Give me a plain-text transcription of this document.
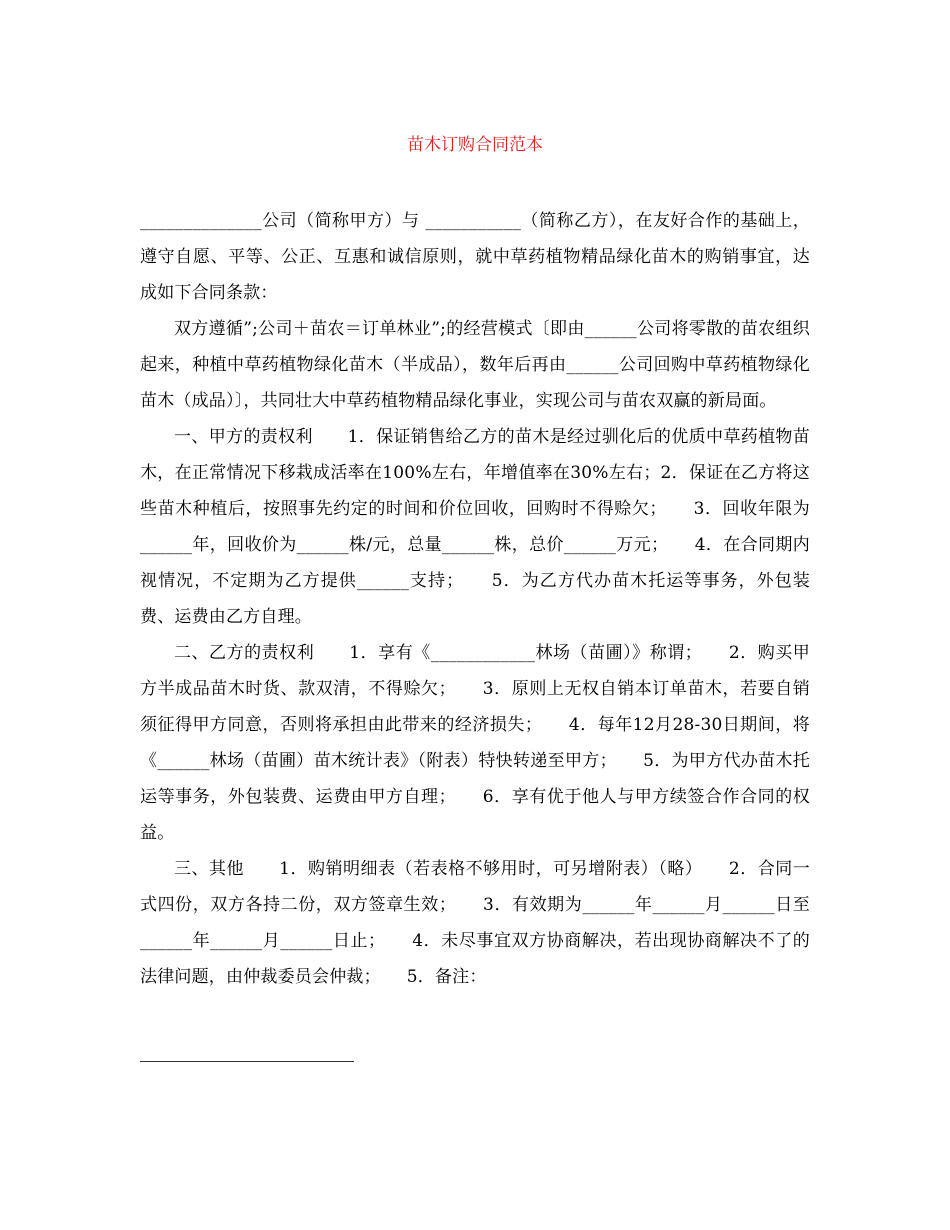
苗木订购合同范本

______________公司（简称甲方）与 ___________（简称乙方），在友好合作的基础上，遵守自愿、平等、公正、互惠和诚信原则，就中草药植物精品绿化苗木的购销事宜，达成如下合同条款：

双方遵循”;公司＋苗农＝订单林业”;的经营模式〔即由______公司将零散的苗农组织起来，种植中草药植物绿化苗木（半成品），数年后再由______公司回购中草药植物绿化苗木（成品）〕，共同壮大中草药植物精品绿化事业，实现公司与苗农双赢的新局面。

一、甲方的责权利　　1．保证销售给乙方的苗木是经过驯化后的优质中草药植物苗木，在正常情况下移栽成活率在100%左右，年增值率在30%左右；2．保证在乙方将这些苗木种植后，按照事先约定的时间和价位回收，回购时不得赊欠；　　3．回收年限为______年，回收价为______株/元，总量______株，总价______万元；　　4．在合同期内视情况，不定期为乙方提供______支持；　　5．为乙方代办苗木托运等事务，外包装费、运费由乙方自理。

二、乙方的责权利　　1．享有《____________林场（苗圃）》称谓；　　2．购买甲方半成品苗木时货、款双清，不得赊欠；　　3．原则上无权自销本订单苗木，若要自销须征得甲方同意，否则将承担由此带来的经济损失；　　4．每年12月28-30日期间，将《______林场（苗圃）苗木统计表》（附表）特快转递至甲方；　　5．为甲方代办苗木托运等事务，外包装费、运费由甲方自理；　　6．享有优于他人与甲方续签合作合同的权益。

三、其他　　1．购销明细表（若表格不够用时，可另增附表）（略）　　2．合同一式四份，双方各持二份，双方签章生效；　　3．有效期为______年______月______日至______年______月______日止；　　4．未尽事宜双方协商解决，若出现协商解决不了的法律问题，由仲裁委员会仲裁；　　5．备注：
